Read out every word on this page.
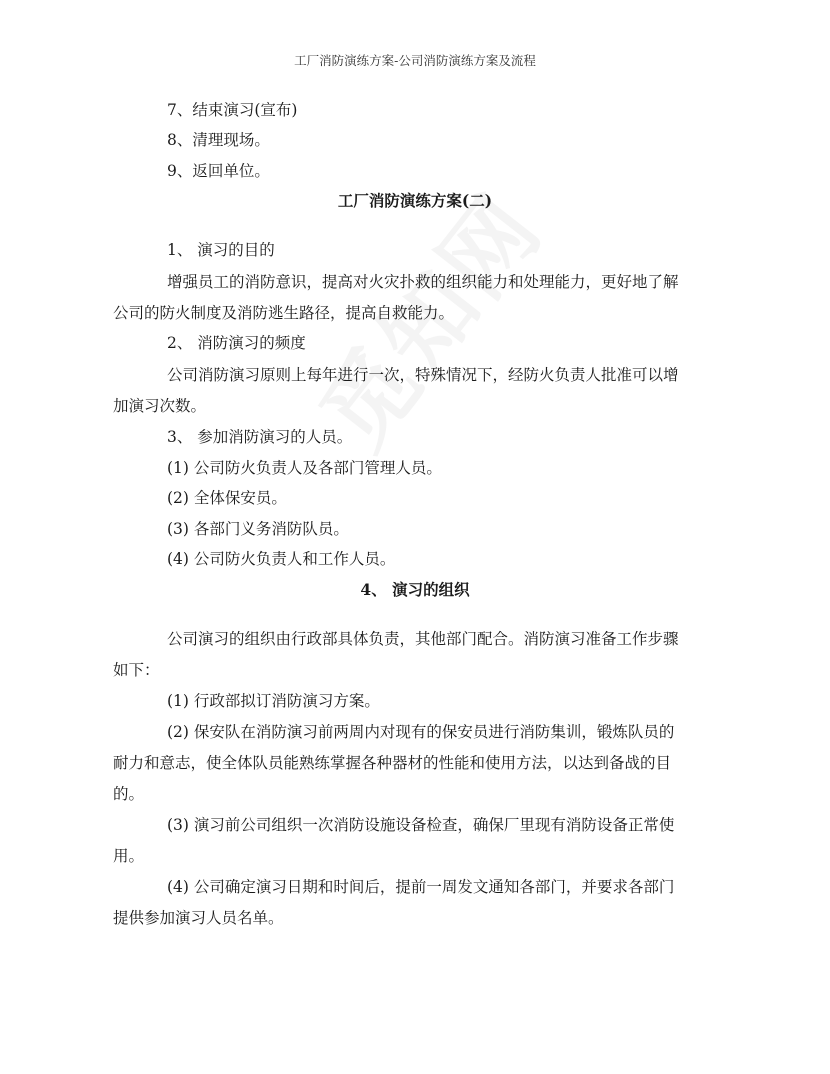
工厂消防演练方案-公司消防演练方案及流程
7、结束演习(宣布)
8、清理现场。
9、返回单位。
工厂消防演练方案(二)
1、 演习的目的
增强员工的消防意识，提高对火灾扑救的组织能力和处理能力，更好地了解
公司的防火制度及消防逃生路径，提高自救能力。
2、 消防演习的频度
公司消防演习原则上每年进行一次，特殊情况下，经防火负责人批准可以增
加演习次数。
3、 参加消防演习的人员。
(1) 公司防火负责人及各部门管理人员。
(2) 全体保安员。
(3) 各部门义务消防队员。
(4) 公司防火负责人和工作人员。
4、 演习的组织
公司演习的组织由行政部具体负责，其他部门配合。消防演习准备工作步骤
如下：
(1) 行政部拟订消防演习方案。
(2) 保安队在消防演习前两周内对现有的保安员进行消防集训，锻炼队员的
耐力和意志，使全体队员能熟练掌握各种器材的性能和使用方法，以达到备战的目
的。
(3) 演习前公司组织一次消防设施设备检查，确保厂里现有消防设备正常使
用。
(4) 公司确定演习日期和时间后，提前一周发文通知各部门，并要求各部门
提供参加演习人员名单。
